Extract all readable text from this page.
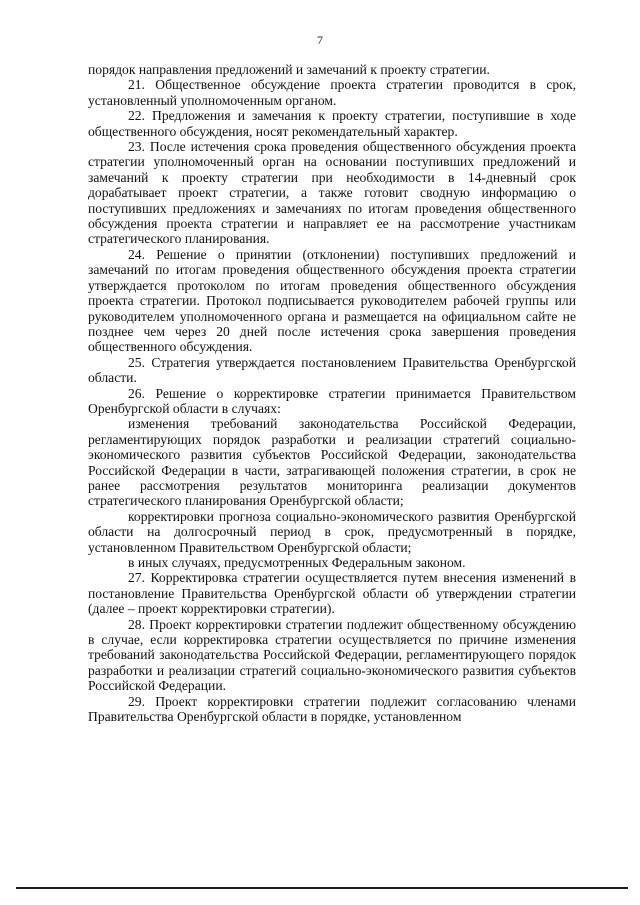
7

порядок направления предложений и замечаний к проекту стратегии.

21. Общественное обсуждение проекта стратегии проводится в срок, установленный уполномоченным органом.

22. Предложения и замечания к проекту стратегии, поступившие в ходе общественного обсуждения, носят рекомендательный характер.

23. После истечения срока проведения общественного обсуждения проекта стратегии уполномоченный орган на основании поступивших предложений и замечаний к проекту стратегии при необходимости в 14-дневный срок дорабатывает проект стратегии, а также готовит сводную информацию о поступивших предложениях и замечаниях по итогам проведения общественного обсуждения проекта стратегии и направляет ее на рассмотрение участникам стратегического планирования.

24. Решение о принятии (отклонении) поступивших предложений и замечаний по итогам проведения общественного обсуждения проекта стратегии утверждается протоколом по итогам проведения общественного обсуждения проекта стратегии. Протокол подписывается руководителем рабочей группы или руководителем уполномоченного органа и размещается на официальном сайте не позднее чем через 20 дней после истечения срока завершения проведения общественного обсуждения.

25. Стратегия утверждается постановлением Правительства Оренбургской области.

26. Решение о корректировке стратегии принимается Правительством Оренбургской области в случаях:

изменения требований законодательства Российской Федерации, регламентирующих порядок разработки и реализации стратегий социально-экономического развития субъектов Российской Федерации, законодательства Российской Федерации в части, затрагивающей положения стратегии, в срок не ранее рассмотрения результатов мониторинга реализации документов стратегического планирования Оренбургской области;

корректировки прогноза социально-экономического развития Оренбургской области на долгосрочный период в срок, предусмотренный в порядке, установленном Правительством Оренбургской области;

в иных случаях, предусмотренных Федеральным законом.

27. Корректировка стратегии осуществляется путем внесения изменений в постановление Правительства Оренбургской области об утверждении стратегии (далее – проект корректировки стратегии).

28. Проект корректировки стратегии подлежит общественному обсуждению в случае, если корректировка стратегии осуществляется по причине изменения требований законодательства Российской Федерации, регламентирующего порядок разработки и реализации стратегий социально-экономического развития субъектов Российской Федерации.

29. Проект корректировки стратегии подлежит согласованию членами Правительства Оренбургской области в порядке, установленном
